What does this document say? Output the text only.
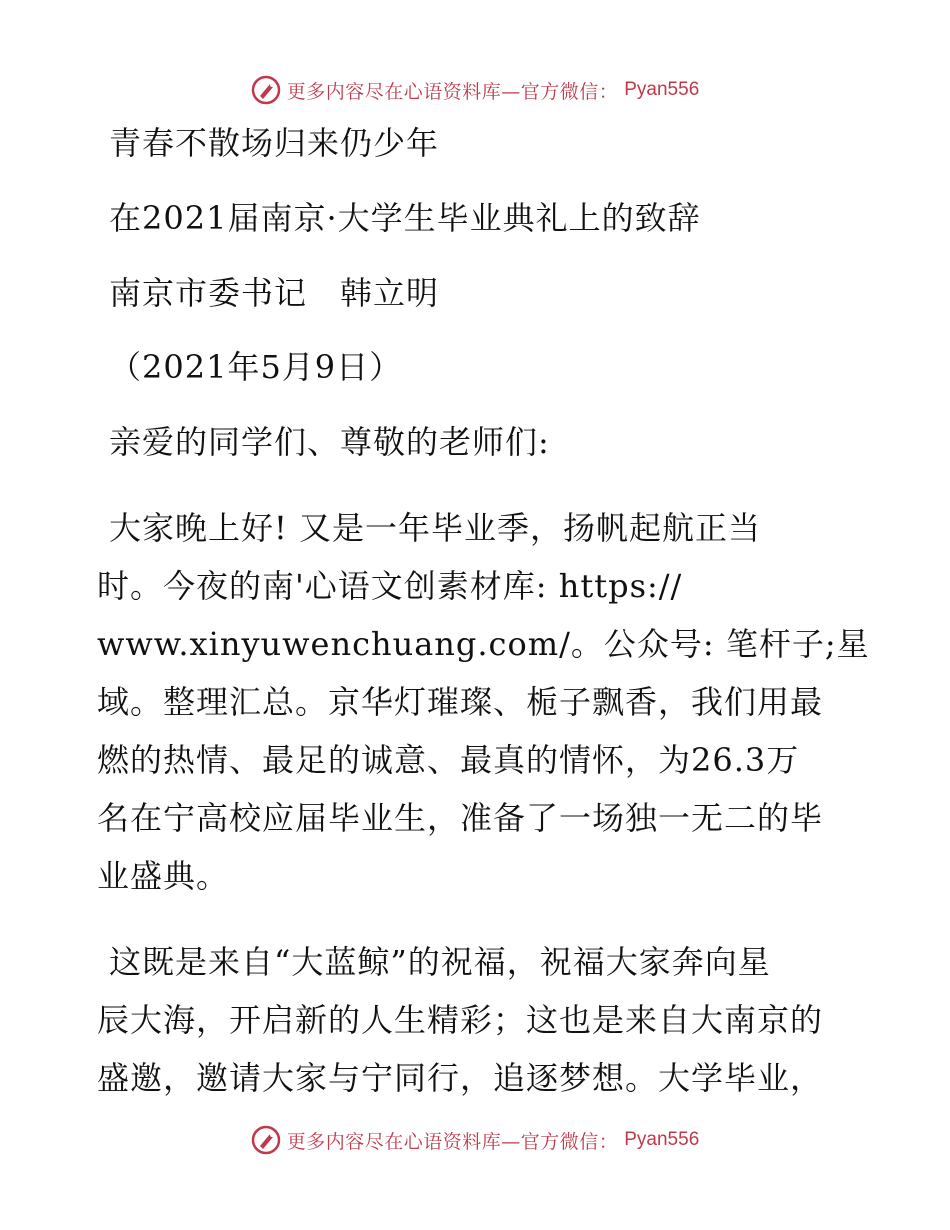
更多内容尽在心语资料库—官方微信： Pyan556

青春不散场归来仍少年

在2021届南京·大学生毕业典礼上的致辞

南京市委书记　韩立明

（2021年5月9日）

亲爱的同学们、尊敬的老师们:

大家晚上好! 又是一年毕业季，扬帆起航正当
时。今夜的南'心语文创素材库: https://
www.xinyuwenchuang.com/。公众号: 笔杆子;星
域。整理汇总。京华灯璀璨、栀子飘香，我们用最
燃的热情、最足的诚意、最真的情怀，为26.3万
名在宁高校应届毕业生，准备了一场独一无二的毕
业盛典。
这既是来自“大蓝鲸”的祝福，祝福大家奔向星
辰大海，开启新的人生精彩；这也是来自大南京的
盛邀，邀请大家与宁同行，追逐梦想。大学毕业，
更多内容尽在心语资料库—官方微信： Pyan556
